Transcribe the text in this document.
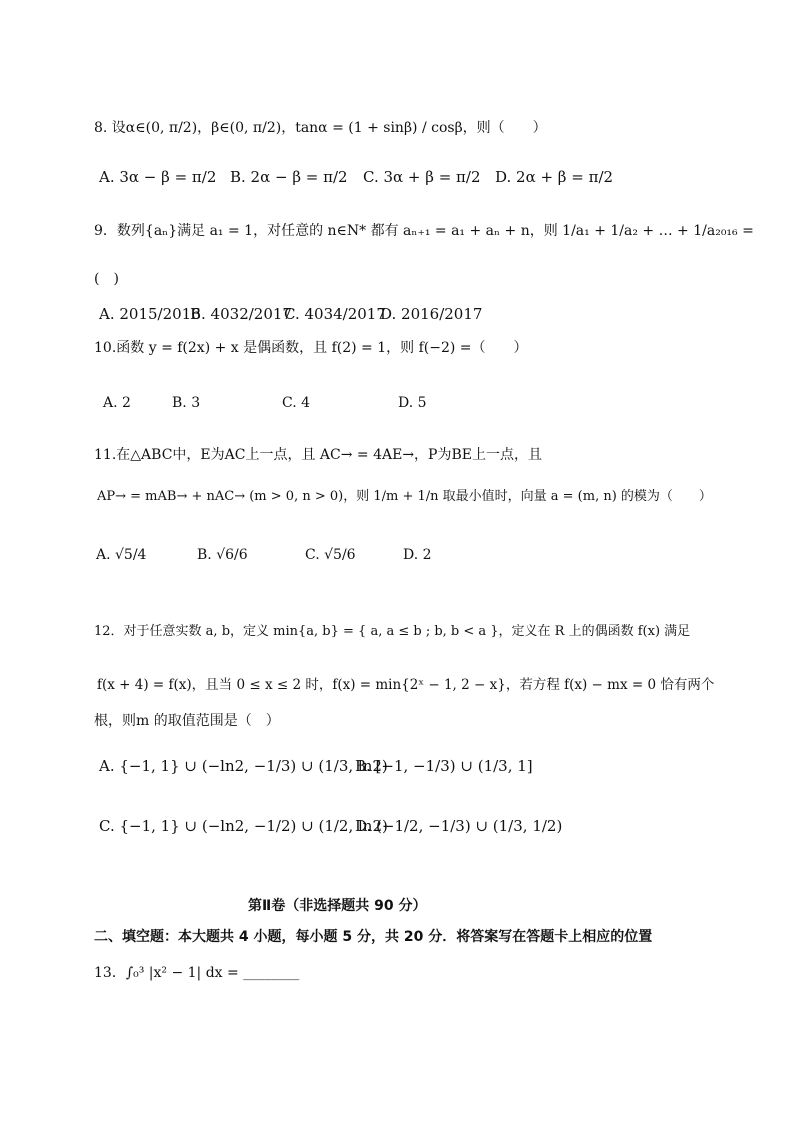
8. 设α∈(0, π/2)，β∈(0, π/2)，tanα = (1 + sinβ) / cosβ，则（　　）
A. 3α − β = π/2 B. 2α − β = π/2 C. 3α + β = π/2 D. 2α + β = π/2
9．数列{aₙ}满足 a₁ = 1，对任意的 n∈N* 都有 aₙ₊₁ = a₁ + aₙ + n，则 1/a₁ + 1/a₂ + … + 1/a₂₀₁₆ =
(　)
A. 2015/2016
B. 4032/2017
C. 4034/2017
D. 2016/2017
10.函数 y = f(2x) + x 是偶函数，且 f(2) = 1，则 f(−2) =（　　）
A. 2	B. 3	C. 4	D. 5
11.在△ABC中，E为AC上一点，且 AC→ = 4AE→，P为BE上一点，且
AP→ = mAB→ + nAC→ (m > 0, n > 0)，则 1/m + 1/n 取最小值时，向量 a = (m, n) 的模为（　　）
A. √5/4	B. √6/6	C. √5/6	D. 2
12．对于任意实数 a, b，定义 min{a, b} = { a, a ≤ b ; b, b < a }，定义在 R 上的偶函数 f(x) 满足
f(x + 4) = f(x)，且当 0 ≤ x ≤ 2 时，f(x) = min{2ˣ − 1, 2 − x}，若方程 f(x) − mx = 0 恰有两个
根，则m 的取值范围是（　）
A. {−1, 1} ∪ (−ln2, −1/3) ∪ (1/3, ln2)
B. [−1, −1/3) ∪ (1/3, 1]
C. {−1, 1} ∪ (−ln2, −1/2) ∪ (1/2, ln2)
D. (−1/2, −1/3) ∪ (1/3, 1/2)
第Ⅱ卷（非选择题共 90 分）
二、填空题：本大题共 4 小题，每小题 5 分，共 20 分．将答案写在答题卡上相应的位置
13．∫₀³ |x² − 1| dx = ________
